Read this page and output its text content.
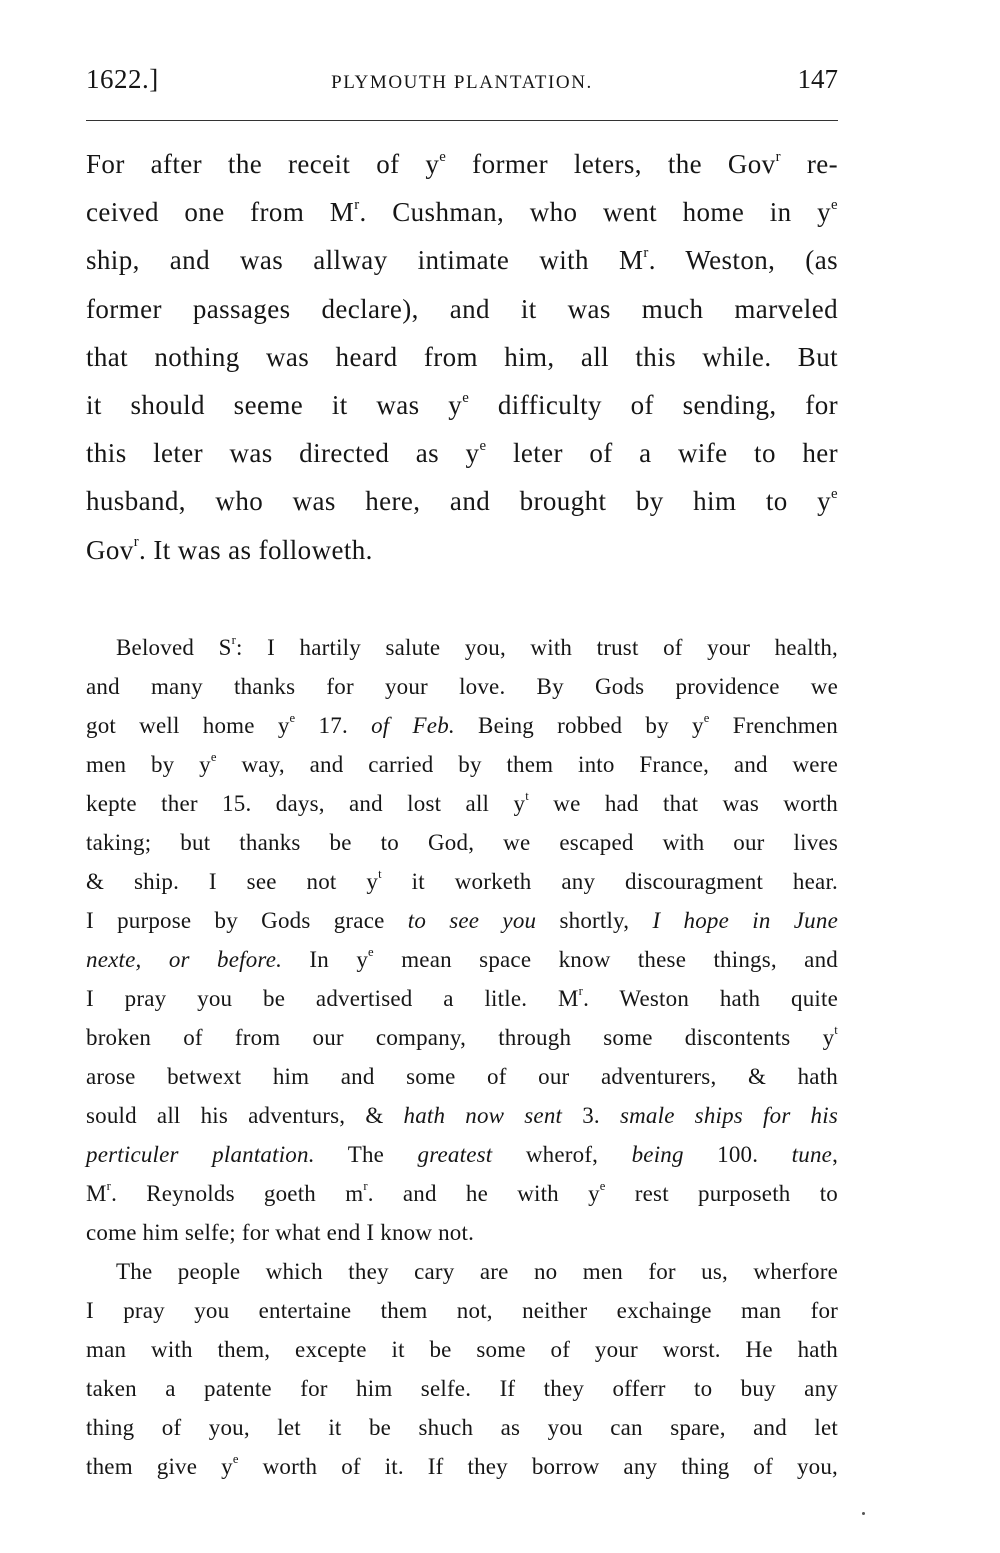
1622.]	PLYMOUTH PLANTATION.	147
For after the receit of $y^e$ former leters, the Gov$^r$ re-
ceived one from $M^r$. Cushman, who went home in $y^e$
ship, and was allway intimate with $M^r$. Weston, (as
former passages declare), and it was much marveled
that nothing was heard from him, all this while. But
it should seeme it was $y^e$ difficulty of sending, for
this leter was directed as $y^e$ leter of a wife to her
husband, who was here, and brought by him to $y^e$
Gov$^r$. It was as followeth.
Beloved $S^r$: I hartily salute you, with trust of your health,
and many thanks for your love. By Gods providence we
got well home $y^e$ 17. of Feb. Being robbed by $y^e$ Frenchmen
men by $y^e$ way, and carried by them into France, and were
kepte ther 15. days, and lost all $y^t$ we had that was worth
taking; but thanks be to God, we escaped with our lives
& ship. I see not $y^t$ it worketh any discouragment hear.
I purpose by Gods grace to see you shortly, I hope in June
nexte, or before. In $y^e$ mean space know these things, and
I pray you be advertised a litle. $M^r$. Weston hath quite
broken of from our company, through some discontents $y^t$
arose betwext him and some of our adventurers, & hath
sould all his adventurs, & hath now sent 3. smale ships for his
perticuler plantation. The greatest wherof, being 100. tune,
$M^r$. Reynolds goeth $m^r$. and he with $y^e$ rest purposeth to
come him selfe; for what end I know not.
The people which they cary are no men for us, wherfore
I pray you entertaine them not, neither exchainge man for
man with them, excepte it be some of your worst. He hath
taken a patente for him selfe. If they offerr to buy any
thing of you, let it be shuch as you can spare, and let
them give $y^e$ worth of it. If they borrow any thing of you,
